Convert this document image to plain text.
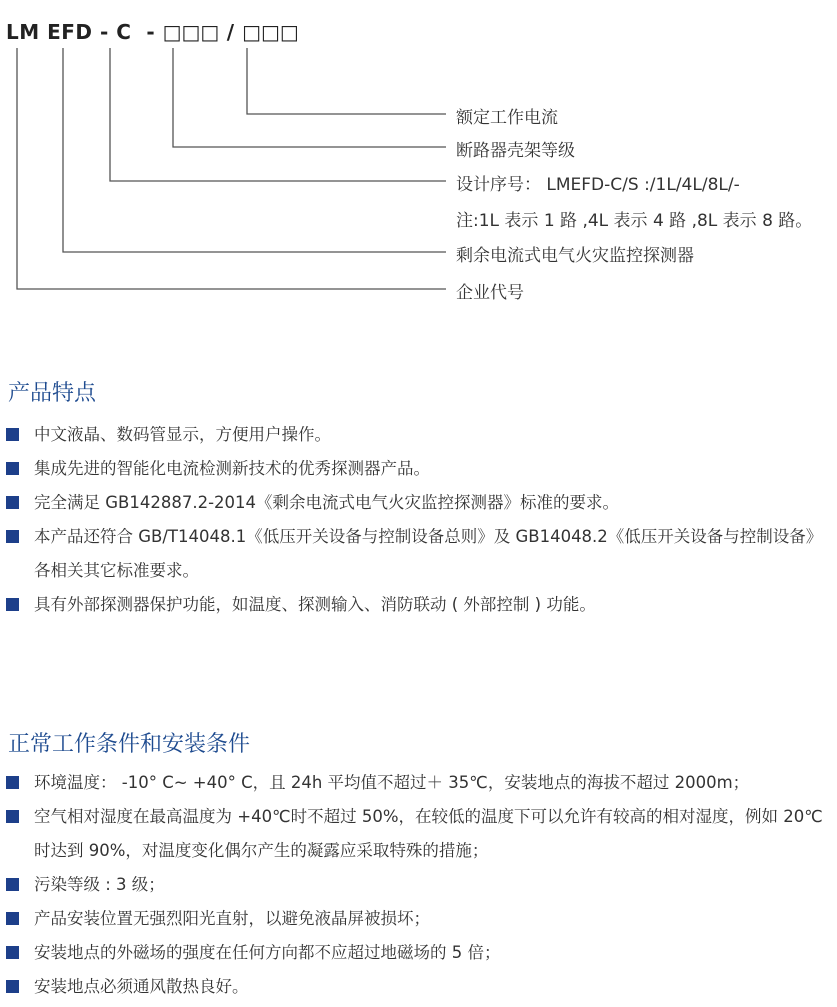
LM EFD - C  - □□□ / □□□
额定工作电流
断路器壳架等级
设计序号： LMEFD-C/S :/1L/4L/8L/-
注:1L 表示 1 路 ,4L 表示 4 路 ,8L 表示 8 路。
剩余电流式电气火灾监控探测器
企业代号
产品特点
中文液晶、数码管显示，方便用户操作。
集成先进的智能化电流检测新技术的优秀探测器产品。
完全满足 GB142887.2-2014《剩余电流式电气火灾监控探测器》标准的要求。
本产品还符合 GB/T14048.1《低压开关设备与控制设备总则》及 GB14048.2《低压开关设备与控制设备》各相关其它标准要求。
具有外部探测器保护功能，如温度、探测输入、消防联动 ( 外部控制 ) 功能。
正常工作条件和安装条件
环境温度： -10° C~ +40° C，且 24h 平均值不超过＋ 35℃，安装地点的海拔不超过 2000m；
空气相对湿度在最高温度为 +40℃时不超过 50%，在较低的温度下可以允许有较高的相对湿度，例如 20℃时达到 90%，对温度变化偶尔产生的凝露应采取特殊的措施；
污染等级 : 3 级；
产品安装位置无强烈阳光直射，以避免液晶屏被损坏；
安装地点的外磁场的强度在任何方向都不应超过地磁场的 5 倍；
安装地点必须通风散热良好。
